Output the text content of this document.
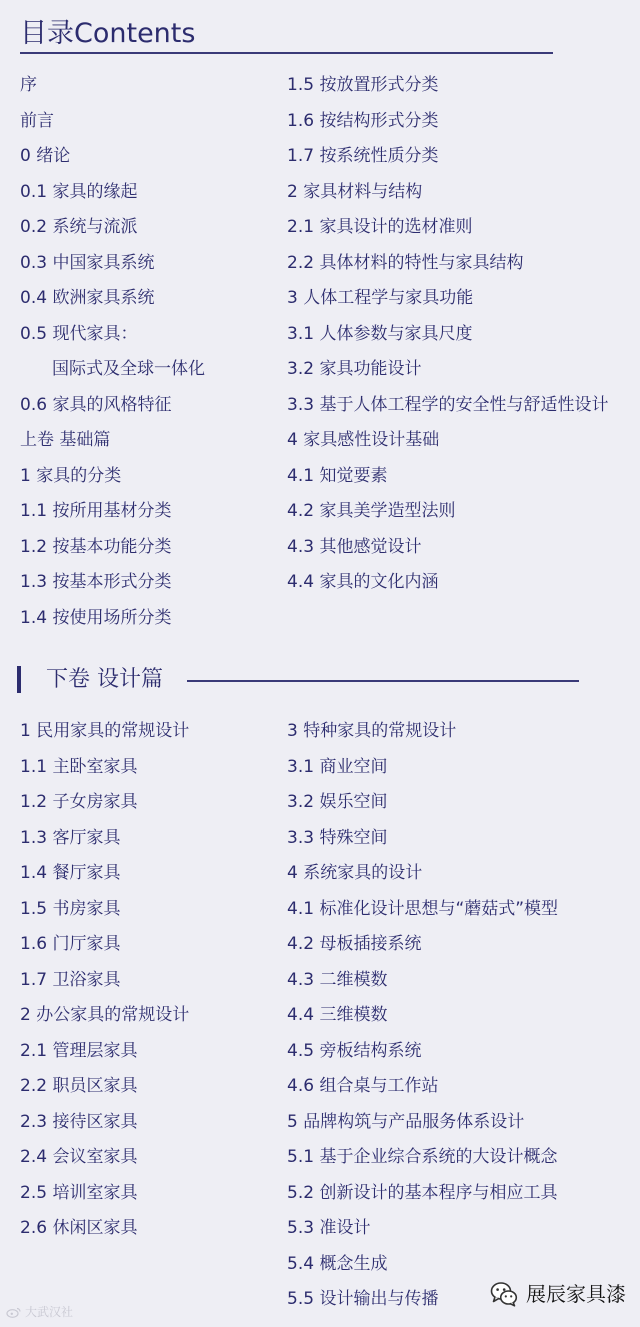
目录Contents
序
前言
0 绪论
0.1 家具的缘起
0.2 系统与流派
0.3 中国家具系统
0.4 欧洲家具系统
0.5 现代家具：
国际式及全球一体化
0.6 家具的风格特征
上卷 基础篇
1 家具的分类
1.1 按所用基材分类
1.2 按基本功能分类
1.3 按基本形式分类
1.4 按使用场所分类
1.5 按放置形式分类
1.6 按结构形式分类
1.7 按系统性质分类
2 家具材料与结构
2.1 家具设计的选材准则
2.2 具体材料的特性与家具结构
3 人体工程学与家具功能
3.1 人体参数与家具尺度
3.2 家具功能设计
3.3 基于人体工程学的安全性与舒适性设计
4 家具感性设计基础
4.1 知觉要素
4.2 家具美学造型法则
4.3 其他感觉设计
4.4 家具的文化内涵
下卷 设计篇
1 民用家具的常规设计
1.1 主卧室家具
1.2 子女房家具
1.3 客厅家具
1.4 餐厅家具
1.5 书房家具
1.6 门厅家具
1.7 卫浴家具
2 办公家具的常规设计
2.1 管理层家具
2.2 职员区家具
2.3 接待区家具
2.4 会议室家具
2.5 培训室家具
2.6 休闲区家具
3 特种家具的常规设计
3.1 商业空间
3.2 娱乐空间
3.3 特殊空间
4 系统家具的设计
4.1 标准化设计思想与“蘑菇式”模型
4.2 母板插接系统
4.3 二维模数
4.4 三维模数
4.5 旁板结构系统
4.6 组合桌与工作站
5 品牌构筑与产品服务体系设计
5.1 基于企业综合系统的大设计概念
5.2 创新设计的基本程序与相应工具
5.3 准设计
5.4 概念生成
5.5 设计输出与传播
大武汉社
展辰家具漆
